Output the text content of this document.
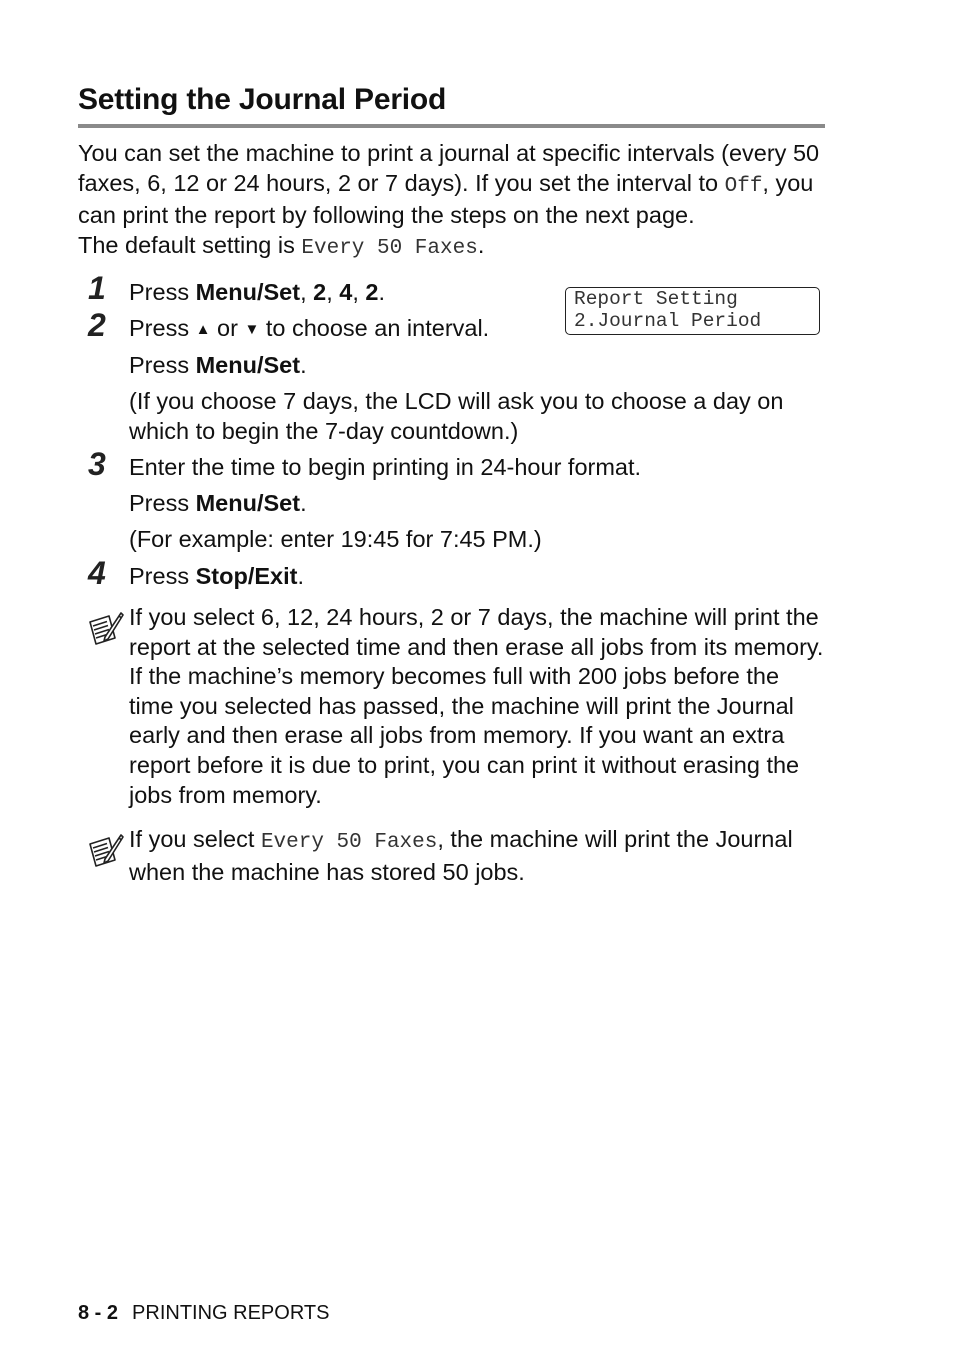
Setting the Journal Period
You can set the machine to print a journal at specific intervals (every 50 faxes, 6, 12 or 24 hours, 2 or 7 days). If you set the interval to Off, you can print the report by following the steps on the next page.
The default setting is Every 50 Faxes.
Report Setting
2.Journal Period
1 Press Menu/Set, 2, 4, 2.
2 Press ▲ or ▼ to choose an interval.
Press Menu/Set.
(If you choose 7 days, the LCD will ask you to choose a day on which to begin the 7-day countdown.)
3 Enter the time to begin printing in 24-hour format.
Press Menu/Set.
(For example: enter 19:45 for 7:45 PM.)
4 Press Stop/Exit.
If you select 6, 12, 24 hours, 2 or 7 days, the machine will print the report at the selected time and then erase all jobs from its memory. If the machine’s memory becomes full with 200 jobs before the time you selected has passed, the machine will print the Journal early and then erase all jobs from memory. If you want an extra report before it is due to print, you can print it without erasing the jobs from memory.
If you select Every 50 Faxes, the machine will print the Journal when the machine has stored 50 jobs.
8 - 2 PRINTING REPORTS
